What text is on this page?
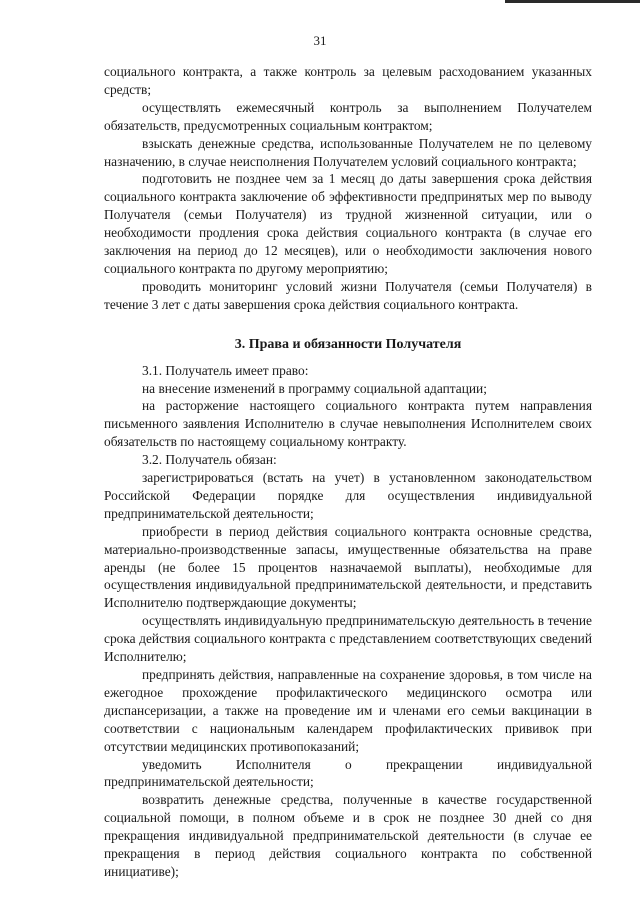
31

социального контракта, а также контроль за целевым расходованием указанных средств;

осуществлять ежемесячный контроль за выполнением Получателем обязательств, предусмотренных социальным контрактом;

взыскать денежные средства, использованные Получателем не по целевому назначению, в случае неисполнения Получателем условий социального контракта;

подготовить не позднее чем за 1 месяц до даты завершения срока действия социального контракта заключение об эффективности предпринятых мер по выводу Получателя (семьи Получателя) из трудной жизненной ситуации, или о необходимости продления срока действия социального контракта (в случае его заключения на период до 12 месяцев), или о необходимости заключения нового социального контракта по другому мероприятию;

проводить мониторинг условий жизни Получателя (семьи Получателя) в течение 3 лет с даты завершения срока действия социального контракта.

3. Права и обязанности Получателя

3.1. Получатель имеет право:

на внесение изменений в программу социальной адаптации;

на расторжение настоящего социального контракта путем направления письменного заявления Исполнителю в случае невыполнения Исполнителем своих обязательств по настоящему социальному контракту.

3.2. Получатель обязан:

зарегистрироваться (встать на учет) в установленном законодательством Российской Федерации порядке для осуществления индивидуальной предпринимательской деятельности;

приобрести в период действия социального контракта основные средства, материально-производственные запасы, имущественные обязательства на праве аренды (не более 15 процентов назначаемой выплаты), необходимые для осуществления индивидуальной предпринимательской деятельности, и представить Исполнителю подтверждающие документы;

осуществлять индивидуальную предпринимательскую деятельность в течение срока действия социального контракта с представлением соответствующих сведений Исполнителю;

предпринять действия, направленные на сохранение здоровья, в том числе на ежегодное прохождение профилактического медицинского осмотра или диспансеризации, а также на проведение им и членами его семьи вакцинации в соответствии с национальным календарем профилактических прививок при отсутствии медицинских противопоказаний;

уведомить Исполнителя о прекращении индивидуальной предпринимательской деятельности;

возвратить денежные средства, полученные в качестве государственной социальной помощи, в полном объеме и в срок не позднее 30 дней со дня прекращения индивидуальной предпринимательской деятельности (в случае ее прекращения в период действия социального контракта по собственной инициативе);
